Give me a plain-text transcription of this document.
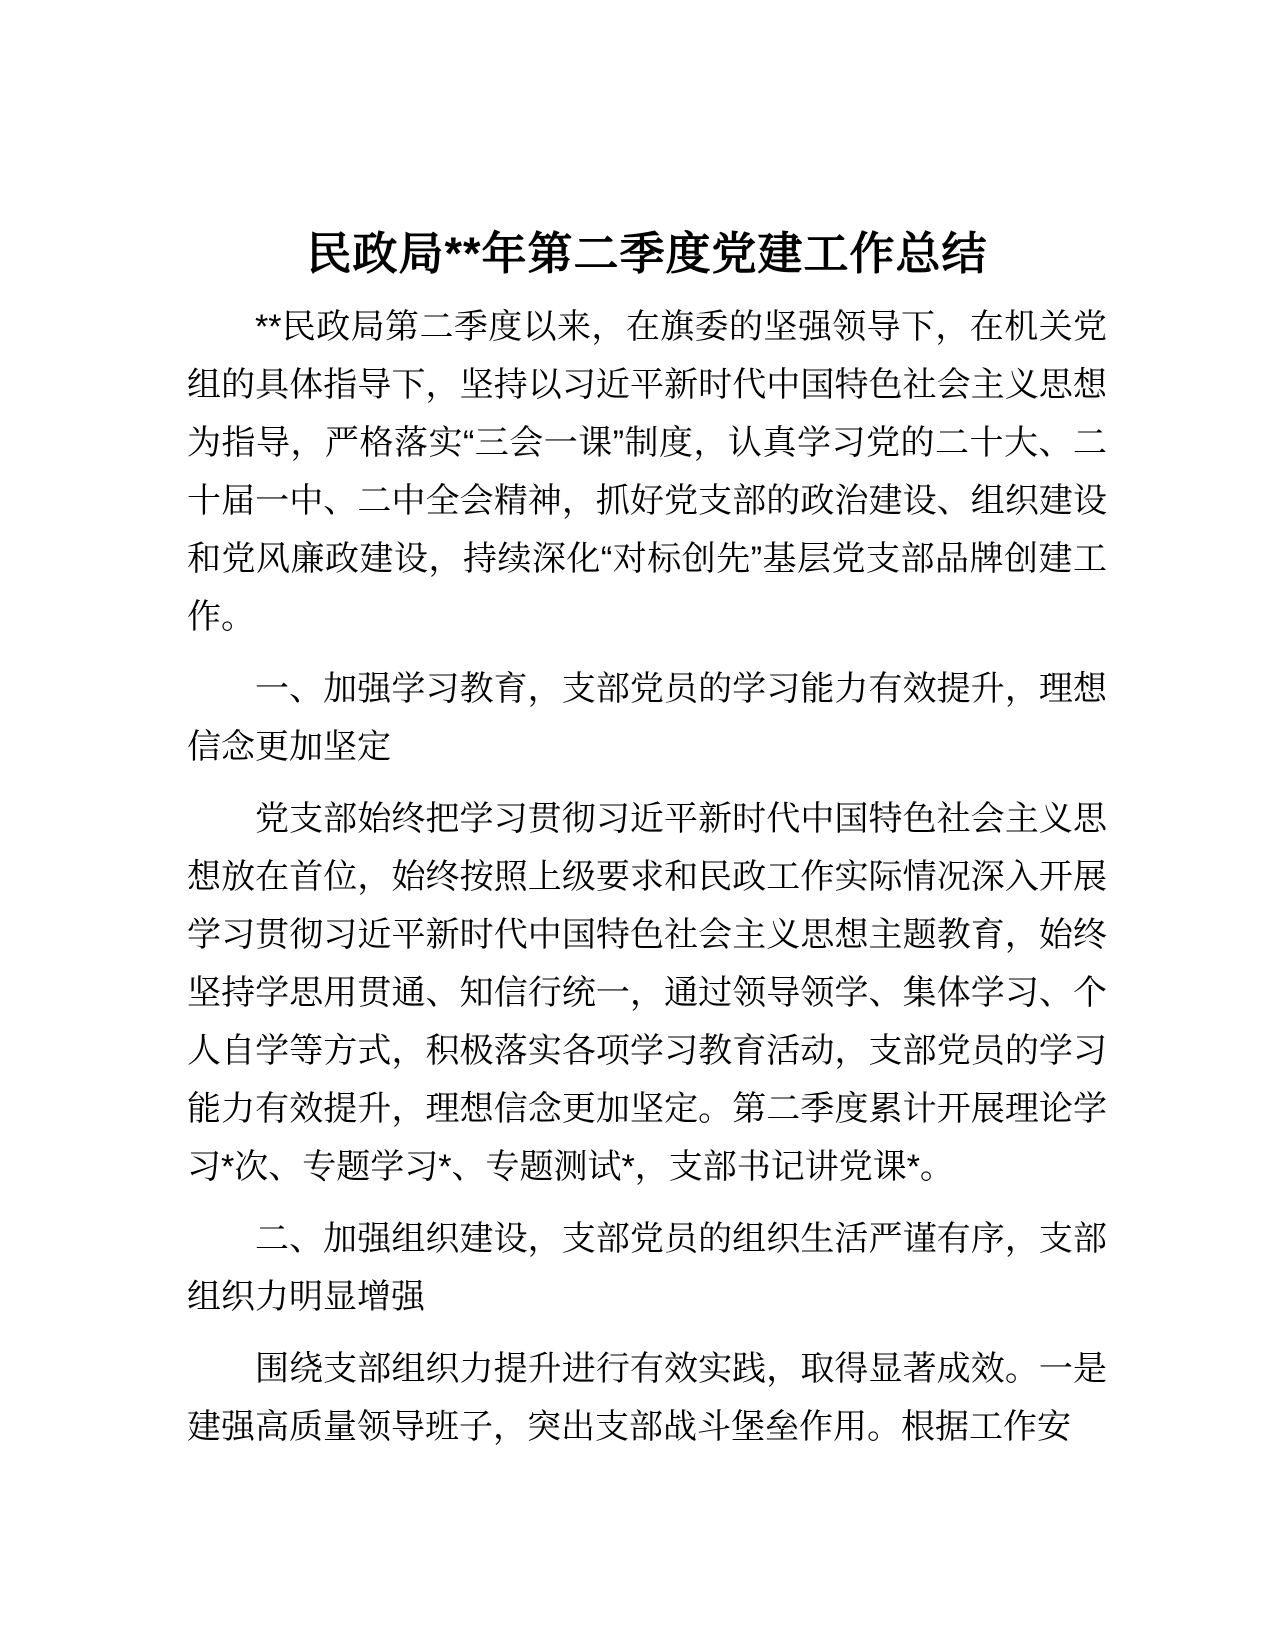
民政局**年第二季度党建工作总结

**民政局第二季度以来，在旗委的坚强领导下，在机关党组的具体指导下，坚持以习近平新时代中国特色社会主义思想为指导，严格落实“三会一课”制度，认真学习党的二十大、二十届一中、二中全会精神，抓好党支部的政治建设、组织建设和党风廉政建设，持续深化“对标创先”基层党支部品牌创建工作。

一、加强学习教育，支部党员的学习能力有效提升，理想信念更加坚定

党支部始终把学习贯彻习近平新时代中国特色社会主义思想放在首位，始终按照上级要求和民政工作实际情况深入开展学习贯彻习近平新时代中国特色社会主义思想主题教育，始终坚持学思用贯通、知信行统一，通过领导领学、集体学习、个人自学等方式，积极落实各项学习教育活动，支部党员的学习能力有效提升，理想信念更加坚定。第二季度累计开展理论学习*次、专题学习*、专题测试*，支部书记讲党课*。

二、加强组织建设，支部党员的组织生活严谨有序，支部组织力明显增强

围绕支部组织力提升进行有效实践，取得显著成效。一是建强高质量领导班子，突出支部战斗堡垒作用。根据工作安
